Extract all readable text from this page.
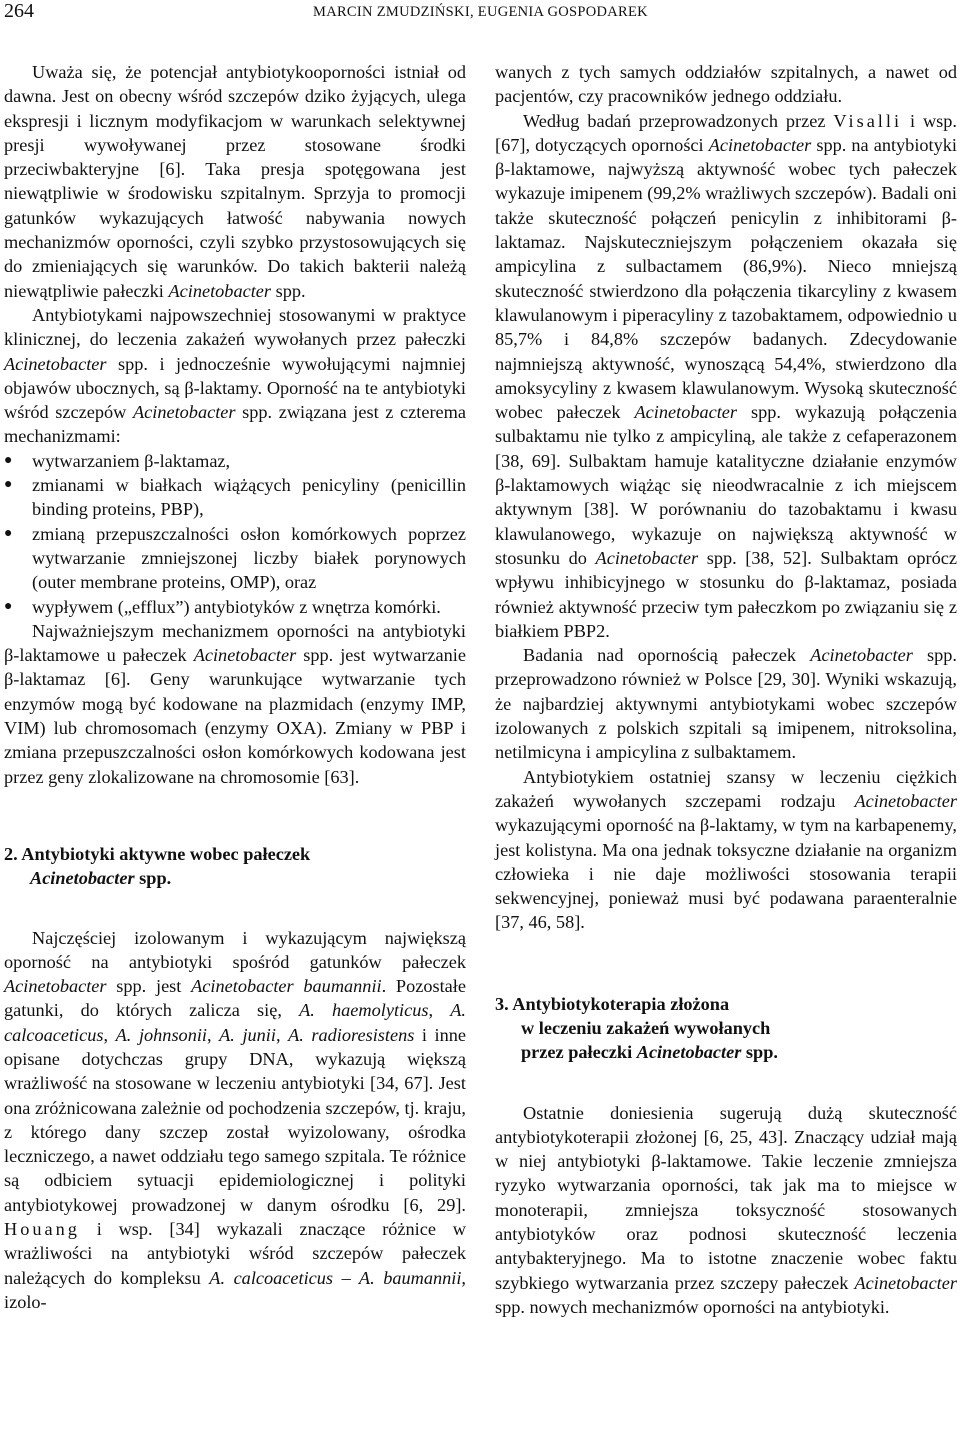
264	MARCIN ZMUDZIŃSKI, EUGENIA GOSPODAREK

Uważa się, że potencjał antybiotykooporności istniał od dawna. Jest on obecny wśród szczepów dziko żyjących, ulega ekspresji i licznym modyfikacjom w warunkach selektywnej presji wywoływanej przez stosowane środki przeciwbakteryjne [6]. Taka presja spotęgowana jest niewątpliwie w środowisku szpitalnym. Sprzyja to promocji gatunków wykazujących łatwość nabywania nowych mechanizmów oporności, czyli szybko przystosowujących się do zmieniających się warunków. Do takich bakterii należą niewątpliwie pałeczki Acinetobacter spp.

Antybiotykami najpowszechniej stosowanymi w praktyce klinicznej, do leczenia zakażeń wywołanych przez pałeczki Acinetobacter spp. i jednocześnie wywołującymi najmniej objawów ubocznych, są β-laktamy. Oporność na te antybiotyki wśród szczepów Acinetobacter spp. związana jest z czterema mechanizmami:

● wytwarzaniem β-laktamaz,
● zmianami w białkach wiążących penicyliny (penicillin binding proteins, PBP),
● zmianą przepuszczalności osłon komórkowych poprzez wytwarzanie zmniejszonej liczby białek porynowych (outer membrane proteins, OMP), oraz
● wypływem („efflux”) antybiotyków z wnętrza komórki.

Najważniejszym mechanizmem oporności na antybiotyki β-laktamowe u pałeczek Acinetobacter spp. jest wytwarzanie β-laktamaz [6]. Geny warunkujące wytwarzanie tych enzymów mogą być kodowane na plazmidach (enzymy IMP, VIM) lub chromosomach (enzymy OXA). Zmiany w PBP i zmiana przepuszczalności osłon komórkowych kodowana jest przez geny zlokalizowane na chromosomie [63].

2. Antybiotyki aktywne wobec pałeczek
Acinetobacter spp.

Najczęściej izolowanym i wykazującym największą oporność na antybiotyki spośród gatunków pałeczek Acinetobacter spp. jest Acinetobacter baumannii. Pozostałe gatunki, do których zalicza się, A. haemolyticus, A. calcoaceticus, A. johnsonii, A. junii, A. radioresistens i inne opisane dotychczas grupy DNA, wykazują większą wrażliwość na stosowane w leczeniu antybiotyki [34, 67]. Jest ona zróżnicowana zależnie od pochodzenia szczepów, tj. kraju, z którego dany szczep został wyizolowany, ośrodka leczniczego, a nawet oddziału tego samego szpitala. Te różnice są odbiciem sytuacji epidemiologicznej i polityki antybiotykowej prowadzonej w danym ośrodku [6, 29]. Houang i wsp. [34] wykazali znaczące różnice w wrażliwości na antybiotyki wśród szczepów pałeczek należących do kompleksu A. calcoaceticus – A. baumannii, izolo-

wanych z tych samych oddziałów szpitalnych, a nawet od pacjentów, czy pracowników jednego oddziału.

Według badań przeprowadzonych przez Visalli i wsp. [67], dotyczących oporności Acinetobacter spp. na antybiotyki β-laktamowe, najwyższą aktywność wobec tych pałeczek wykazuje imipenem (99,2% wrażliwych szczepów). Badali oni także skuteczność połączeń penicylin z inhibitorami β-laktamaz. Najskuteczniejszym połączeniem okazała się ampicylina z sulbactamem (86,9%). Nieco mniejszą skuteczność stwierdzono dla połączenia tikarcyliny z kwasem klawulanowym i piperacyliny z tazobaktamem, odpowiednio u 85,7% i 84,8% szczepów badanych. Zdecydowanie najmniejszą aktywność, wynoszącą 54,4%, stwierdzono dla amoksycyliny z kwasem klawulanowym. Wysoką skuteczność wobec pałeczek Acinetobacter spp. wykazują połączenia sulbaktamu nie tylko z ampicyliną, ale także z cefaperazonem [38, 69]. Sulbaktam hamuje katalityczne działanie enzymów β-laktamowych wiążąc się nieodwracalnie z ich miejscem aktywnym [38]. W porównaniu do tazobaktamu i kwasu klawulanowego, wykazuje on największą aktywność w stosunku do Acinetobacter spp. [38, 52]. Sulbaktam oprócz wpływu inhibicyjnego w stosunku do β-laktamaz, posiada również aktywność przeciw tym pałeczkom po związaniu się z białkiem PBP2.

Badania nad opornością pałeczek Acinetobacter spp. przeprowadzono również w Polsce [29, 30]. Wyniki wskazują, że najbardziej aktywnymi antybiotykami wobec szczepów izolowanych z polskich szpitali są imipenem, nitroksolina, netilmicyna i ampicylina z sulbaktamem.

Antybiotykiem ostatniej szansy w leczeniu ciężkich zakażeń wywołanych szczepami rodzaju Acinetobacter wykazującymi oporność na β-laktamy, w tym na karbapenemy, jest kolistyna. Ma ona jednak toksyczne działanie na organizm człowieka i nie daje możliwości stosowania terapii sekwencyjnej, ponieważ musi być podawana paraenteralnie [37, 46, 58].

3. Antybiotykoterapia złożona
w leczeniu zakażeń wywołanych
przez pałeczki Acinetobacter spp.

Ostatnie doniesienia sugerują dużą skuteczność antybiotykoterapii złożonej [6, 25, 43]. Znaczący udział mają w niej antybiotyki β-laktamowe. Takie leczenie zmniejsza ryzyko wytwarzania oporności, tak jak ma to miejsce w monoterapii, zmniejsza toksyczność stosowanych antybiotyków oraz podnosi skuteczność leczenia antybakteryjnego. Ma to istotne znaczenie wobec faktu szybkiego wytwarzania przez szczepy pałeczek Acinetobacter spp. nowych mechanizmów oporności na antybiotyki.
